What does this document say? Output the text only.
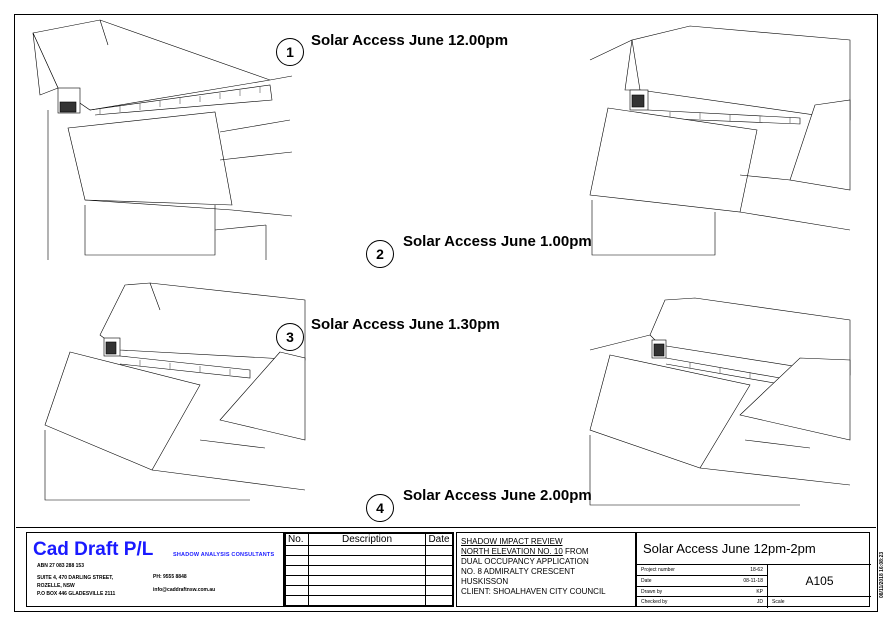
1
Solar Access June 12.00pm
2
Solar Access June 1.00pm
3
Solar Access June 1.30pm
4
Solar Access June 2.00pm
Cad Draft P/L	SHADOW ANALYSIS CONSULTANTS
ABN 27 083 288 153
SUITE 4, 470 DARLING STREET,
ROZELLE, NSW
P.O BOX 446 GLADESVILLE 2111
PH: 9555 8848
info@caddraftnsw.com.au
No.	Description	Date

		SHADOW IMPACT REVIEW
NORTH ELEVATION NO. 10 FROM
DUAL OCCUPANCY APPLICATION
NO. 8 ADMIRALTY CRESCENT
HUSKISSON
CLIENT: SHOALHAVEN CITY COUNCIL
Solar Access June 12pm-2pm
Project number	18-62
Date	08-11-18
Drawn by	KP
Checked by	JD
A105
Scale
08/11/2018 16:08:23
